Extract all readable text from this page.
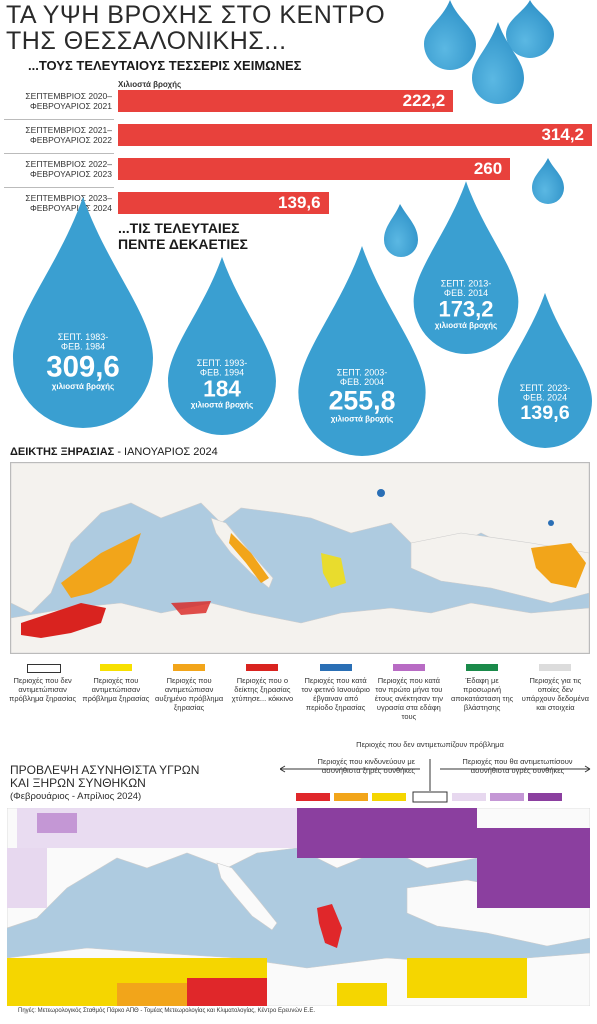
ΤΑ ΥΨΗ ΒΡΟΧΗΣ ΣΤΟ ΚΕΝΤΡΟ
ΤΗΣ ΘΕΣΣΑΛΟΝΙΚΗΣ...
...ΤΟΥΣ ΤΕΛΕΥΤΑΙΟΥΣ ΤΕΣΣΕΡΙΣ ΧΕΙΜΩΝΕΣ
Χιλιοστά βροχής
ΣΕΠΤΕΜΒΡΙΟΣ 2020–
ΦΕΒΡΟΥΑΡΙΟΣ 2021	222,2
ΣΕΠΤΕΜΒΡΙΟΣ 2021–
ΦΕΒΡΟΥΑΡΙΟΣ 2022	314,2
ΣΕΠΤΕΜΒΡΙΟΣ 2022–
ΦΕΒΡΟΥΑΡΙΟΣ 2023	260
ΣΕΠΤΕΜΒΡΙΟΣ 2023–
ΦΕΒΡΟΥΑΡΙΟΣ 2024	139,6
...ΤΙΣ ΤΕΛΕΥΤΑΙΕΣ
ΠΕΝΤΕ ΔΕΚΑΕΤΙΕΣ
ΣΕΠΤ. 1983-
ΦΕΒ. 1984
309,6
χιλιοστά βροχής
ΣΕΠΤ. 1993-
ΦΕΒ. 1994
184
χιλιοστά βροχής
ΣΕΠΤ. 2003-
ΦΕΒ. 2004
255,8
χιλιοστά βροχής
ΣΕΠΤ. 2013-
ΦΕΒ. 2014
173,2
χιλιοστά βροχής
ΣΕΠΤ. 2023-
ΦΕΒ. 2024
139,6
ΔΕΙΚΤΗΣ ΞΗΡΑΣΙΑΣ - ΙΑΝΟΥΑΡΙΟΣ 2024
Περιοχές που δεν αντιμετώπισαν πρόβλημα ξηρασίας
Περιοχές που αντιμετώπισαν πρόβλημα ξηρασίας
Περιοχές που αντιμετώπισαν αυξημένο πρόβλημα ξηρασίας
Περιοχές που ο δείκτης ξηρασίας χτύπησε... κόκκινο
Περιοχές που κατά τον φετινό Ιανουάριο έβγαιναν από περίοδο ξηρασίας
Περιοχές που κατά τον πρώτο μήνα του έτους ανέκτησαν την υγρασία στα εδάφη τους
Έδαφη με προσωρινή αποκατάσταση της βλάστησης
Περιοχές για τις οποίες δεν υπάρχουν δεδομένα και στοιχεία
ΠΡΟΒΛΕΨΗ ΑΣΥΝΗΘΙΣΤΑ ΥΓΡΩΝ
ΚΑΙ ΞΗΡΩΝ ΣΥΝΘΗΚΩΝ
(Φεβρουάριος - Απρίλιος 2024)
Περιοχές που δεν αντιμετωπίζουν πρόβλημα
Περιοχές που κινδυνεύουν με ασυνήθιστα ξηρές συνθήκες
Περιοχές που θα αντιμετωπίσουν ασυνήθιστα υγρές συνθήκες
Πηγές: Μετεωρολογικός Σταθμός Πάρκο ΑΠΘ - Τομέας Μετεωρολογίας και Κλιματολογίας, Κέντρο Ερευνών Ε.Ε.
